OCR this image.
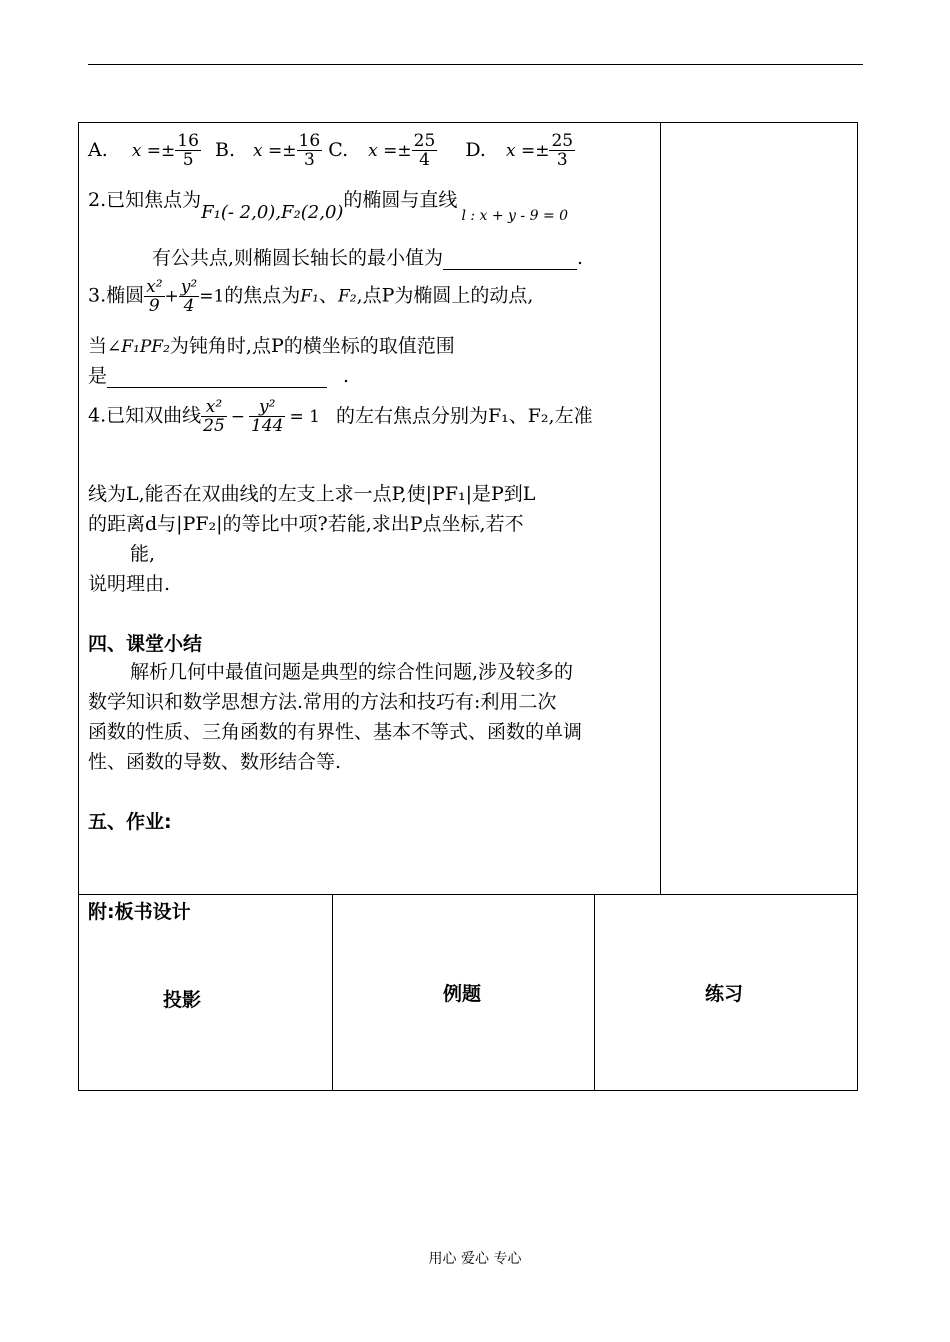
A. $x =\pm \frac{16}{5} B$. $x =\pm \frac{16}{3} C$. $x =\pm \frac{25}{4} D$. $x =\pm \frac{25}{3}$
2.已知焦点为F₁(- 2,0),F₂(2,0)的椭圆与直线$_{l : x + y - 9 = 0}$
有公共点,则椭圆长轴长的最小值为	.
3.椭圆 $\frac{\text{x²}}{9} + \frac{\text{y²}}{4} =1$的焦点为F₁、F₂,点P为椭圆上的动点,
当∠F₁PF₂为钝角时,点P的横坐标的取值范围
是	.
4.已知双曲线 $\frac{\text{x²}}{25} - \frac{\text{y²}}{144} = 1$ 的左右焦点分别为F₁、F₂,左准
线为L,能否在双曲线的左支上求一点P,使|PF₁|是P到L
的距离d与|PF₂|的等比中项?若能,求出P点坐标,若不
能,
说明理由.
四、课堂小结
解析几何中最值问题是典型的综合性问题,涉及较多的
数学知识和数学思想方法.常用的方法和技巧有:利用二次
函数的性质、三角函数的有界性、基本不等式、函数的单调
性、函数的导数、数形结合等.
五、作业:
附:板书设计
投影	例题	练习
用心 爱心 专心
